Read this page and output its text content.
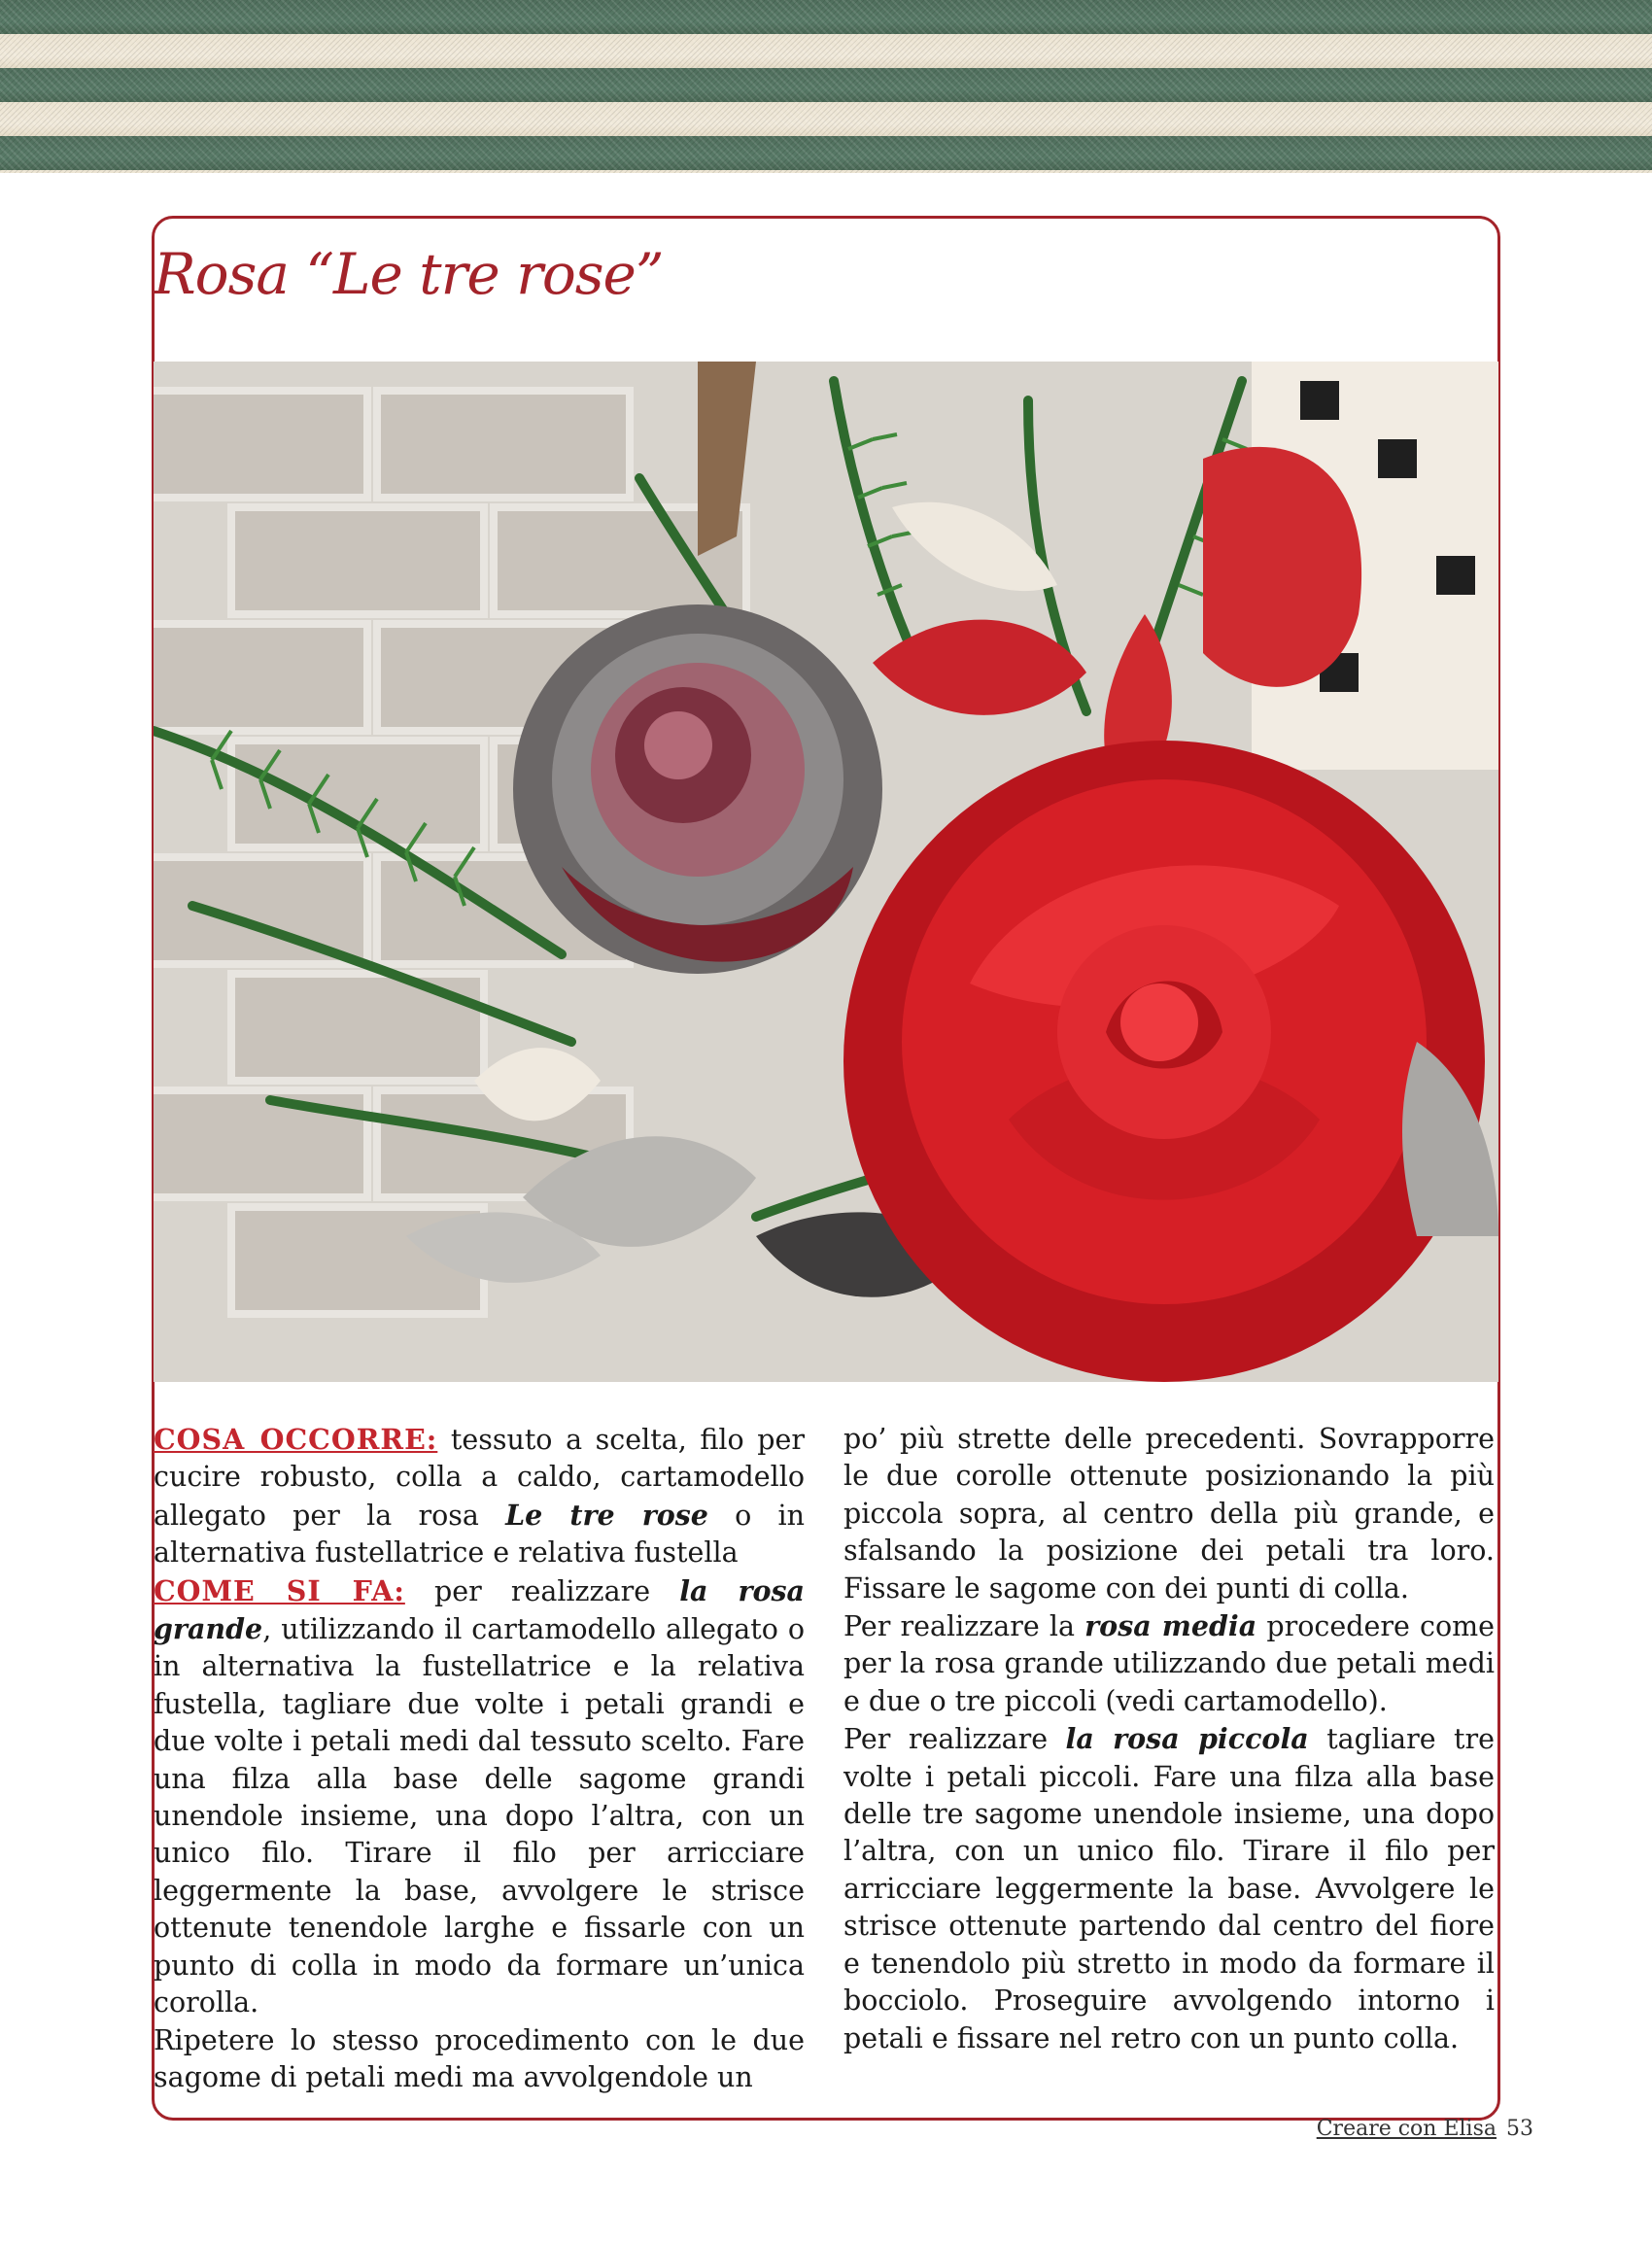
Rosa “Le tre rose”

COSA OCCORRE: tessuto a scelta, filo per cucire robusto, colla a caldo, cartamodello allegato per la rosa Le tre rose o in alternativa fustellatrice e relativa fustella

COME SI FA: per realizzare la rosa grande, utilizzando il cartamodello allegato o in alternativa la fustellatrice e la relativa fustella, tagliare due volte i petali grandi e due volte i petali medi dal tessuto scelto. Fare una filza alla base delle sagome grandi unendole insieme, una dopo l’altra, con un unico filo. Tirare il filo per arricciare leggermente la base, avvolgere le strisce ottenute tenendole larghe e fissarle con un punto di colla in modo da formare un’unica corolla.

Ripetere lo stesso procedimento con le due sagome di petali medi ma avvolgendole un

po’ più strette delle precedenti. Sovrapporre le due corolle ottenute posizionando la più piccola sopra, al centro della più grande, e sfalsando la posizione dei petali tra loro. Fissare le sagome con dei punti di colla.

Per realizzare la rosa media procedere come per la rosa grande utilizzando due petali medi e due o tre piccoli (vedi cartamodello).

Per realizzare la rosa piccola tagliare tre volte i petali piccoli. Fare una filza alla base delle tre sagome unendole insieme, una dopo l’altra, con un unico filo. Tirare il filo per arricciare leggermente la base. Avvolgere le strisce ottenute partendo dal centro del fiore e tenendolo più stretto in modo da formare il bocciolo. Proseguire avvolgendo intorno i petali e fissare nel retro con un punto colla.

Creare con Elisa 53
